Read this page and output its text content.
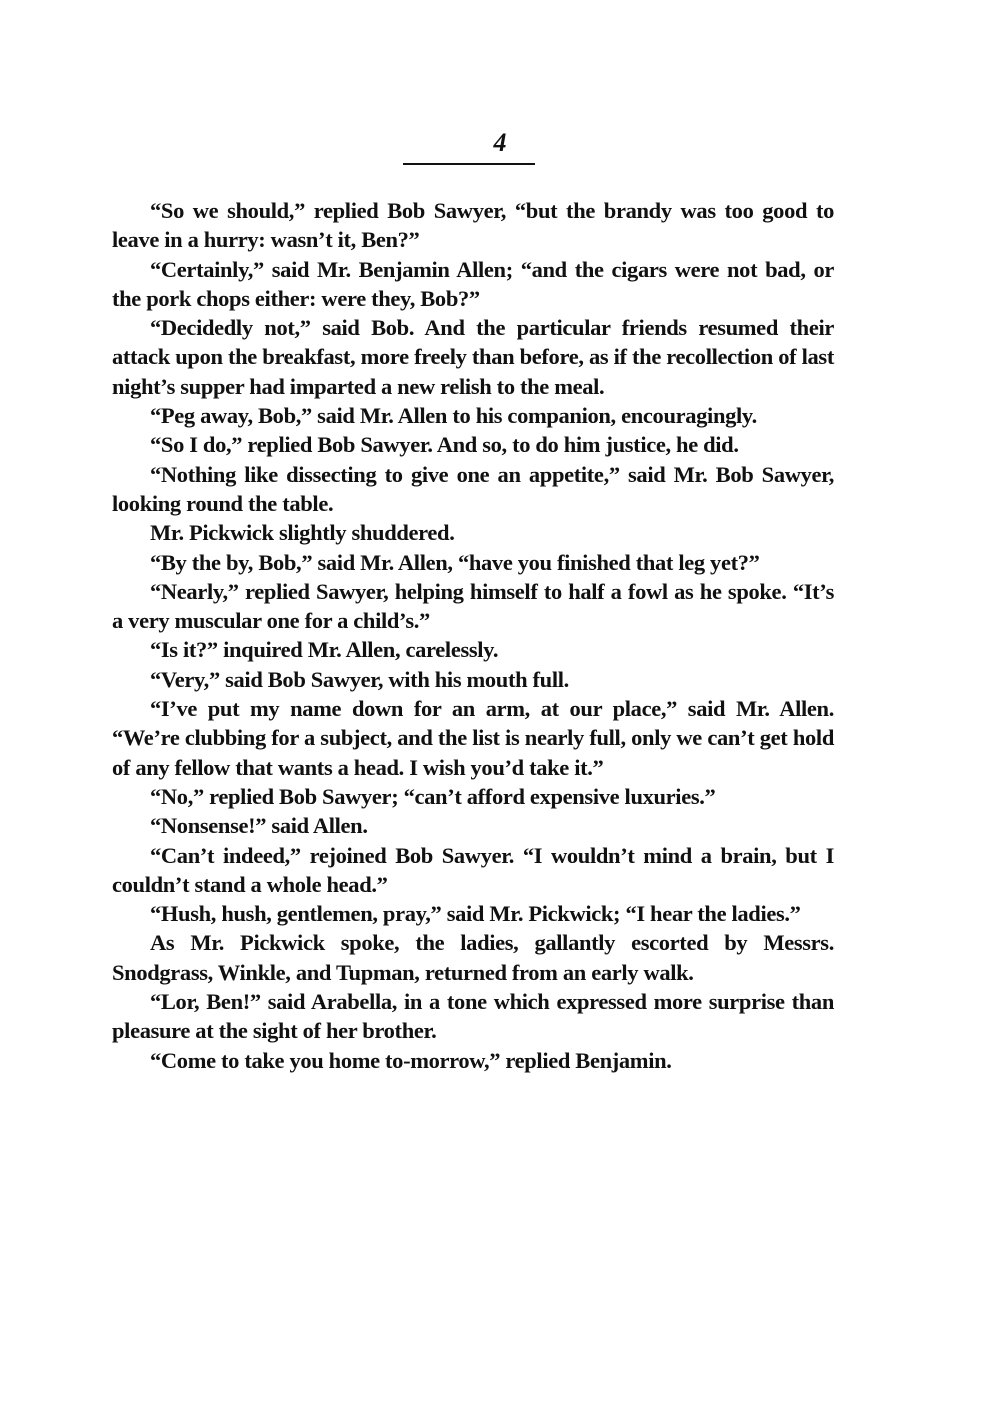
4

“So we should,” replied Bob Sawyer, “but the brandy was too good to leave in a hurry: wasn’t it, Ben?”

“Certainly,” said Mr. Benjamin Allen; “and the cigars were not bad, or the pork chops either: were they, Bob?”

“Decidedly not,” said Bob. And the particular friends resumed their attack upon the breakfast, more freely than before, as if the recollection of last night’s supper had imparted a new relish to the meal.

“Peg away, Bob,” said Mr. Allen to his companion, encouragingly.

“So I do,” replied Bob Sawyer. And so, to do him justice, he did.

“Nothing like dissecting to give one an appetite,” said Mr. Bob Sawyer, looking round the table.

Mr. Pickwick slightly shuddered.

“By the by, Bob,” said Mr. Allen, “have you finished that leg yet?”

“Nearly,” replied Sawyer, helping himself to half a fowl as he spoke. “It’s a very muscular one for a child’s.”

“Is it?” inquired Mr. Allen, carelessly.

“Very,” said Bob Sawyer, with his mouth full.

“I’ve put my name down for an arm, at our place,” said Mr. Allen. “We’re clubbing for a subject, and the list is nearly full, only we can’t get hold of any fellow that wants a head. I wish you’d take it.”

“No,” replied Bob Sawyer; “can’t afford expensive luxuries.”

“Nonsense!” said Allen.

“Can’t indeed,” rejoined Bob Sawyer. “I wouldn’t mind a brain, but I couldn’t stand a whole head.”

“Hush, hush, gentlemen, pray,” said Mr. Pickwick; “I hear the ladies.”

As Mr. Pickwick spoke, the ladies, gallantly escorted by Messrs. Snodgrass, Winkle, and Tupman, returned from an early walk.

“Lor, Ben!” said Arabella, in a tone which expressed more surprise than pleasure at the sight of her brother.

“Come to take you home to-morrow,” replied Benjamin.
